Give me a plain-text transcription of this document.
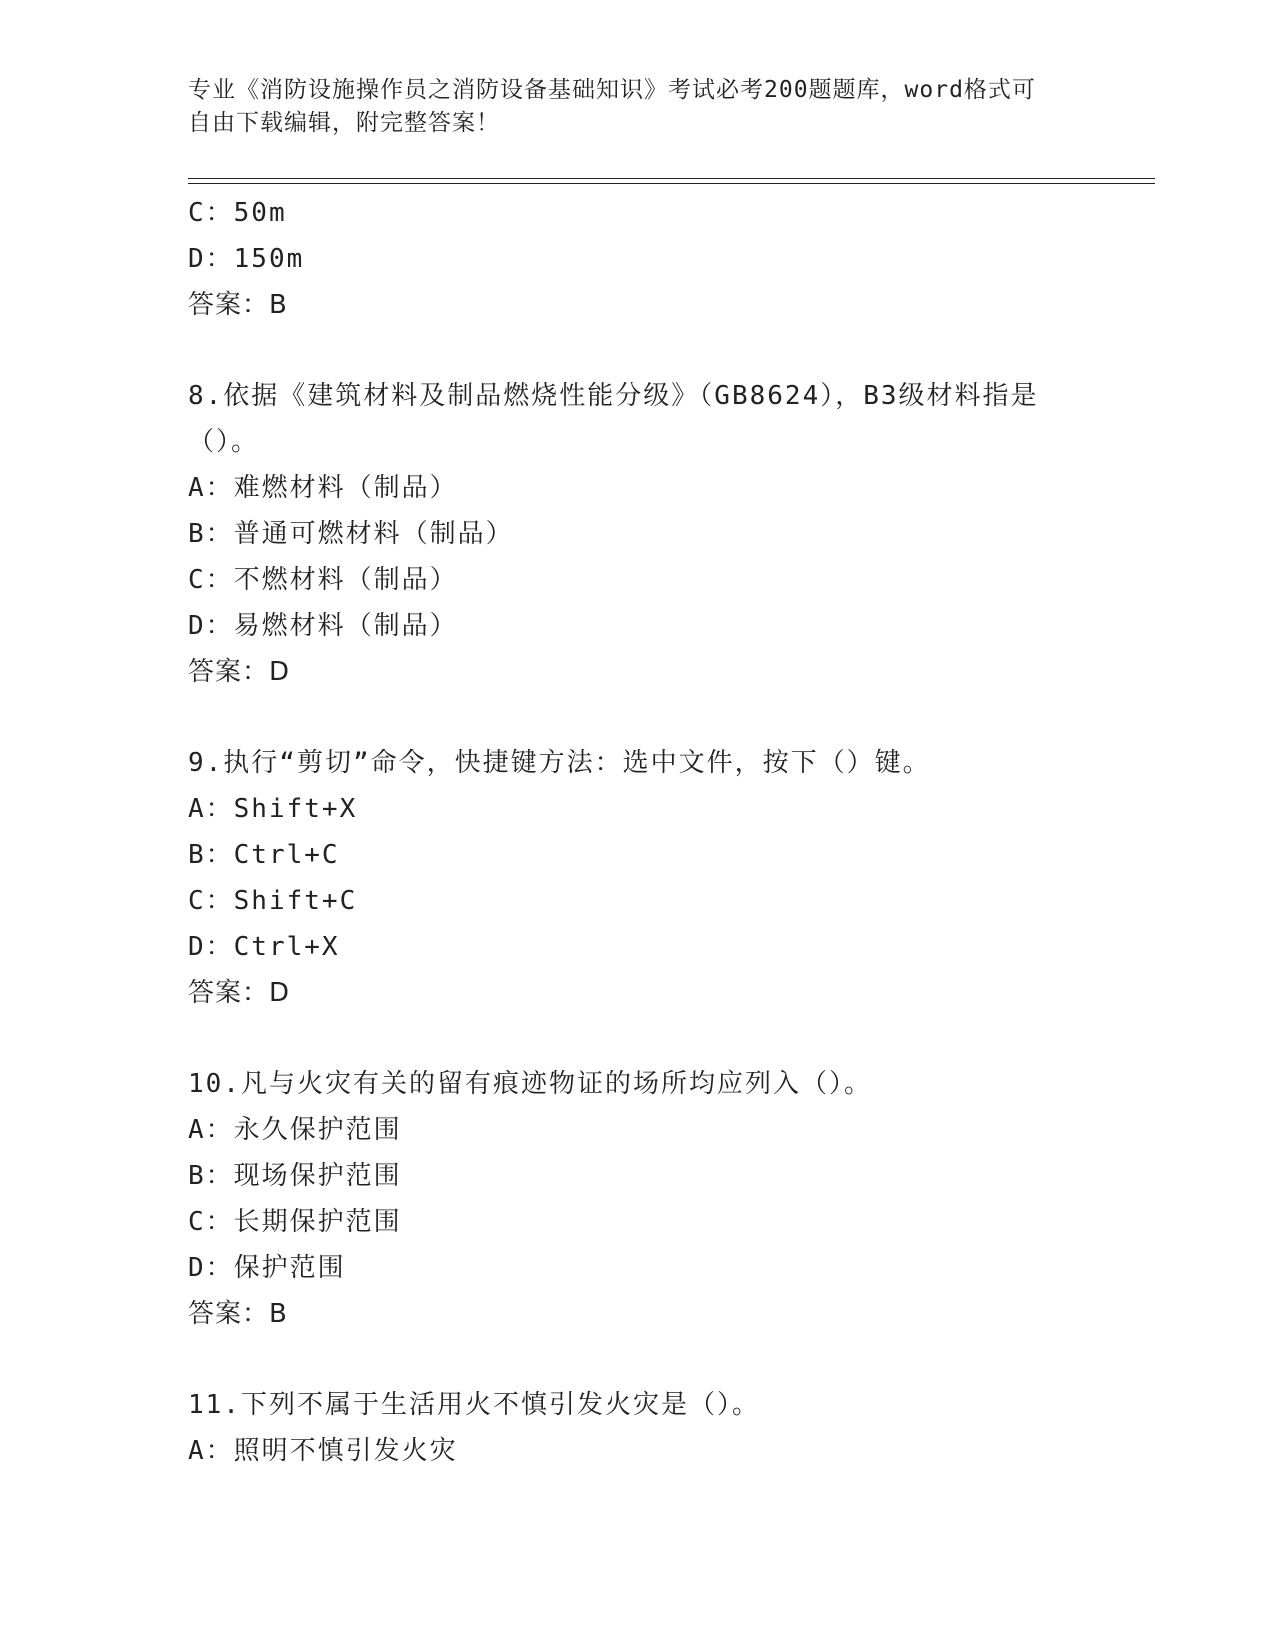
专业《消防设施操作员之消防设备基础知识》考试必考200题题库，word格式可
自由下载编辑，附完整答案！
C：50m
D：150m
答案：B
8.依据《建筑材料及制品燃烧性能分级》（GB8624），B3级材料指是
（）。
A：难燃材料（制品）
B：普通可燃材料（制品）
C：不燃材料（制品）
D：易燃材料（制品）
答案：D
9.执行“剪切”命令，快捷键方法：选中文件，按下（）键。
A：Shift+X
B：Ctrl+C
C：Shift+C
D：Ctrl+X
答案：D
10.凡与火灾有关的留有痕迹物证的场所均应列入（）。
A：永久保护范围
B：现场保护范围
C：长期保护范围
D：保护范围
答案：B
11.下列不属于生活用火不慎引发火灾是（）。
A：照明不慎引发火灾
